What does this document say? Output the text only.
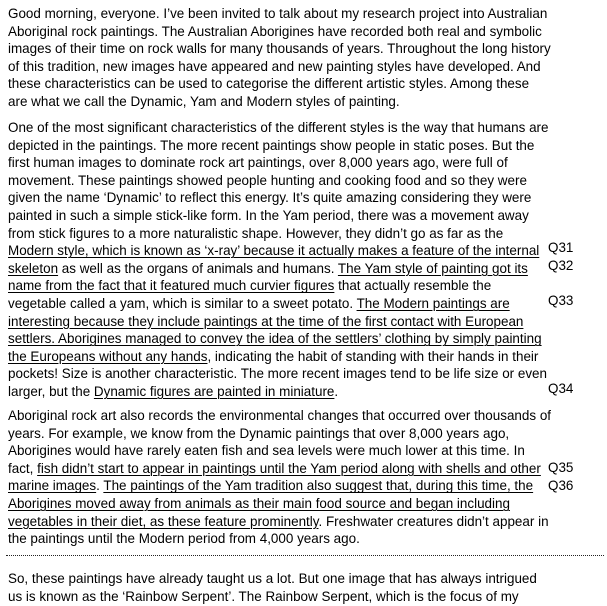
Good morning, everyone. I’ve been invited to talk about my research project into Australian
Aboriginal rock paintings. The Australian Aborigines have recorded both real and symbolic
images of their time on rock walls for many thousands of years. Throughout the long history
of this tradition, new images have appeared and new painting styles have developed. And
these characteristics can be used to categorise the different artistic styles. Among these
are what we call the Dynamic, Yam and Modern styles of painting.
One of the most significant characteristics of the different styles is the way that humans are
depicted in the paintings. The more recent paintings show people in static poses. But the
first human images to dominate rock art paintings, over 8,000 years ago, were full of
movement. These paintings showed people hunting and cooking food and so they were
given the name ‘Dynamic’ to reflect this energy. It’s quite amazing considering they were
painted in such a simple stick-like form. In the Yam period, there was a movement away
from stick figures to a more naturalistic shape. However, they didn’t go as far as the
Modern style, which is known as ‘x-ray’ because it actually makes a feature of the internal
skeleton as well as the organs of animals and humans. The Yam style of painting got its
name from the fact that it featured much curvier figures that actually resemble the
vegetable called a yam, which is similar to a sweet potato. The Modern paintings are
interesting because they include paintings at the time of the first contact with European
settlers. Aborigines managed to convey the idea of the settlers’ clothing by simply painting
the Europeans without any hands, indicating the habit of standing with their hands in their
pockets! Size is another characteristic. The more recent images tend to be life size or even
larger, but the Dynamic figures are painted in miniature.
Aboriginal rock art also records the environmental changes that occurred over thousands of
years. For example, we know from the Dynamic paintings that over 8,000 years ago,
Aborigines would have rarely eaten fish and sea levels were much lower at this time. In
fact, fish didn’t start to appear in paintings until the Yam period along with shells and other
marine images. The paintings of the Yam tradition also suggest that, during this time, the
Aborigines moved away from animals as their main food source and began including
vegetables in their diet, as these feature prominently. Freshwater creatures didn’t appear in
the paintings until the Modern period from 4,000 years ago.
So, these paintings have already taught us a lot. But one image that has always intrigued
us is known as the ‘Rainbow Serpent’. The Rainbow Serpent, which is the focus of my
Q31
Q32
Q33
Q34
Q35
Q36
